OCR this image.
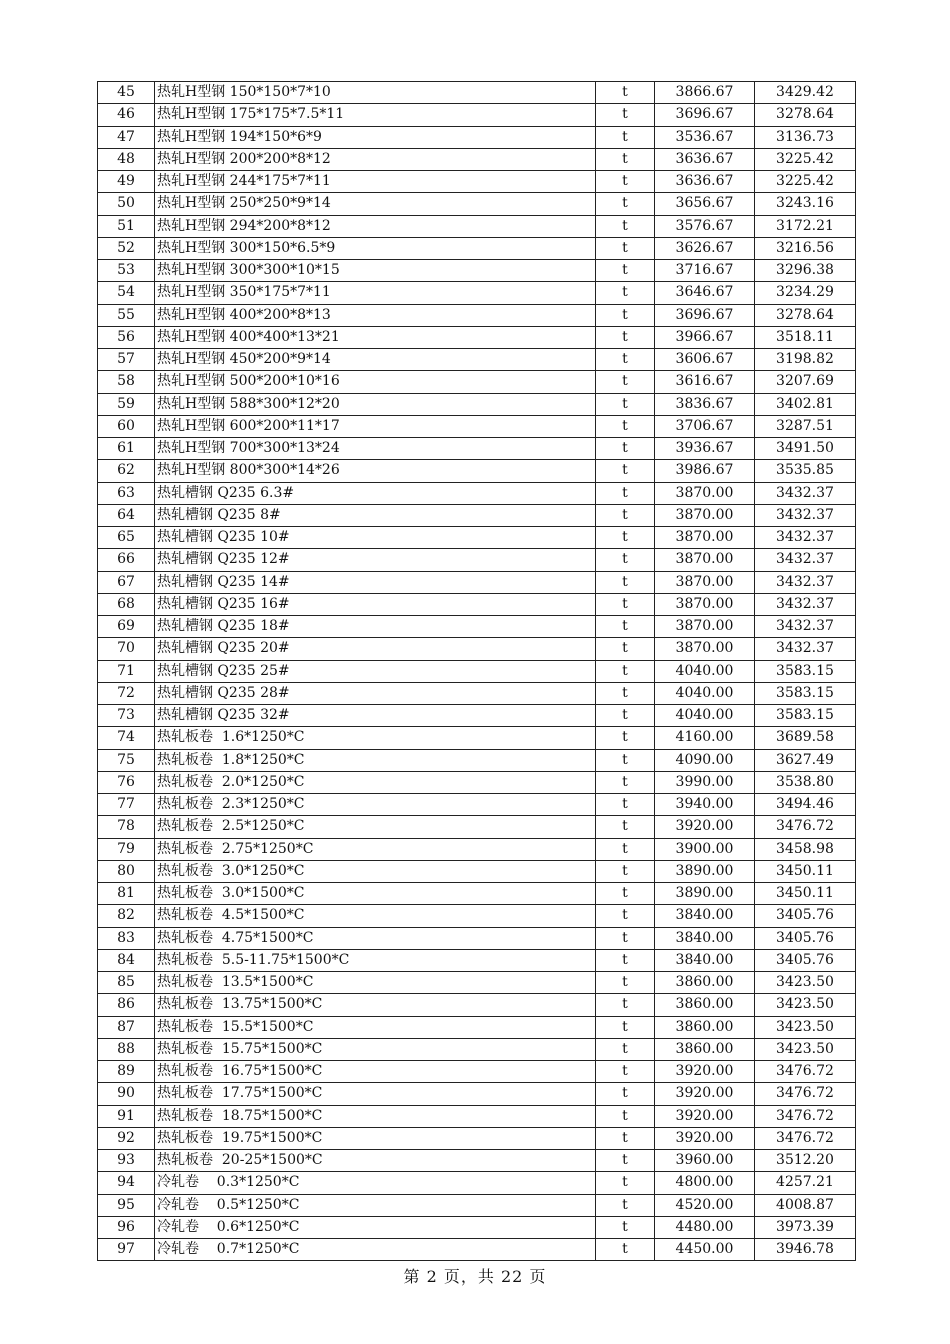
45	热轧H型钢 150*150*7*10	t	3866.67	3429.42
46	热轧H型钢 175*175*7.5*11	t	3696.67	3278.64
47	热轧H型钢 194*150*6*9	t	3536.67	3136.73
48	热轧H型钢 200*200*8*12	t	3636.67	3225.42
49	热轧H型钢 244*175*7*11	t	3636.67	3225.42
50	热轧H型钢 250*250*9*14	t	3656.67	3243.16
51	热轧H型钢 294*200*8*12	t	3576.67	3172.21
52	热轧H型钢 300*150*6.5*9	t	3626.67	3216.56
53	热轧H型钢 300*300*10*15	t	3716.67	3296.38
54	热轧H型钢 350*175*7*11	t	3646.67	3234.29
55	热轧H型钢 400*200*8*13	t	3696.67	3278.64
56	热轧H型钢 400*400*13*21	t	3966.67	3518.11
57	热轧H型钢 450*200*9*14	t	3606.67	3198.82
58	热轧H型钢 500*200*10*16	t	3616.67	3207.69
59	热轧H型钢 588*300*12*20	t	3836.67	3402.81
60	热轧H型钢 600*200*11*17	t	3706.67	3287.51
61	热轧H型钢 700*300*13*24	t	3936.67	3491.50
62	热轧H型钢 800*300*14*26	t	3986.67	3535.85
63	热轧槽钢 Q235 6.3#	t	3870.00	3432.37
64	热轧槽钢 Q235 8#	t	3870.00	3432.37
65	热轧槽钢 Q235 10#	t	3870.00	3432.37
66	热轧槽钢 Q235 12#	t	3870.00	3432.37
67	热轧槽钢 Q235 14#	t	3870.00	3432.37
68	热轧槽钢 Q235 16#	t	3870.00	3432.37
69	热轧槽钢 Q235 18#	t	3870.00	3432.37
70	热轧槽钢 Q235 20#	t	3870.00	3432.37
71	热轧槽钢 Q235 25#	t	4040.00	3583.15
72	热轧槽钢 Q235 28#	t	4040.00	3583.15
73	热轧槽钢 Q235 32#	t	4040.00	3583.15
74	热轧板卷  1.6*1250*C	t	4160.00	3689.58
75	热轧板卷  1.8*1250*C	t	4090.00	3627.49
76	热轧板卷  2.0*1250*C	t	3990.00	3538.80
77	热轧板卷  2.3*1250*C	t	3940.00	3494.46
78	热轧板卷  2.5*1250*C	t	3920.00	3476.72
79	热轧板卷  2.75*1250*C	t	3900.00	3458.98
80	热轧板卷  3.0*1250*C	t	3890.00	3450.11
81	热轧板卷  3.0*1500*C	t	3890.00	3450.11
82	热轧板卷  4.5*1500*C	t	3840.00	3405.76
83	热轧板卷  4.75*1500*C	t	3840.00	3405.76
84	热轧板卷  5.5-11.75*1500*C	t	3840.00	3405.76
85	热轧板卷  13.5*1500*C	t	3860.00	3423.50
86	热轧板卷  13.75*1500*C	t	3860.00	3423.50
87	热轧板卷  15.5*1500*C	t	3860.00	3423.50
88	热轧板卷  15.75*1500*C	t	3860.00	3423.50
89	热轧板卷  16.75*1500*C	t	3920.00	3476.72
90	热轧板卷  17.75*1500*C	t	3920.00	3476.72
91	热轧板卷  18.75*1500*C	t	3920.00	3476.72
92	热轧板卷  19.75*1500*C	t	3920.00	3476.72
93	热轧板卷  20-25*1500*C	t	3960.00	3512.20
94	冷轧卷    0.3*1250*C	t	4800.00	4257.21
95	冷轧卷    0.5*1250*C	t	4520.00	4008.87
96	冷轧卷    0.6*1250*C	t	4480.00	3973.39
97	冷轧卷    0.7*1250*C	t	4450.00	3946.78
第 2 页，共 22 页
